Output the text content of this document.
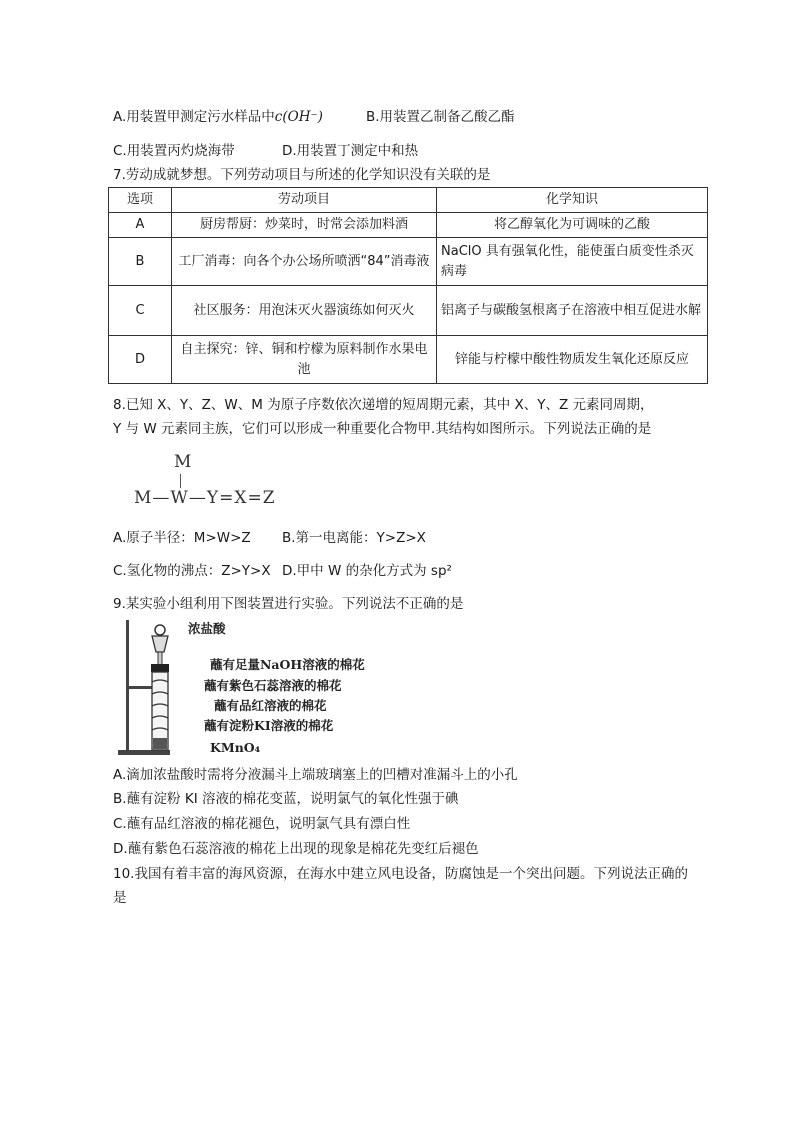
A.用装置甲测定污水样品中c(OH⁻)	B.用装置乙制备乙酸乙酯
C.用装置丙灼烧海带	D.用装置丁测定中和热
7.劳动成就梦想。下列劳动项目与所述的化学知识没有关联的是
选项	劳动项目	化学知识
A	厨房帮厨：炒菜时，时常会添加料酒	将乙醇氧化为可调味的乙酸
B	工厂消毒：向各个办公场所喷洒“84”消毒液	NaClO 具有强氧化性，能使蛋白质变性杀灭病毒
C	社区服务：用泡沫灭火器演练如何灭火	铝离子与碳酸氢根离子在溶液中相互促进水解
D	自主探究：锌、铜和柠檬为原料制作水果电池	锌能与柠檬中酸性物质发生氧化还原反应
8.已知 X、Y、Z、W、M 为原子序数依次递增的短周期元素，其中 X、Y、Z 元素同周期，
Y 与 W 元素同主族，它们可以形成一种重要化合物甲.其结构如图所示。下列说法正确的是
M
M—W—Y=X=Z
A.原子半径：M>W>Z B.第一电离能：Y>Z>X
C.氢化物的沸点：Z>Y>X D.甲中 W 的杂化方式为 sp²
9.某实验小组利用下图装置进行实验。下列说法不正确的是
浓盐酸
蘸有足量NaOH溶液的棉花
蘸有紫色石蕊溶液的棉花
蘸有品红溶液的棉花
蘸有淀粉KI溶液的棉花
KMnO₄
A.滴加浓盐酸时需将分液漏斗上端玻璃塞上的凹槽对准漏斗上的小孔
B.蘸有淀粉 KI 溶液的棉花变蓝，说明氯气的氧化性强于碘
C.蘸有品红溶液的棉花褪色，说明氯气具有漂白性
D.蘸有紫色石蕊溶液的棉花上出现的现象是棉花先变红后褪色
10.我国有着丰富的海风资源，在海水中建立风电设备，防腐蚀是一个突出问题。下列说法正确的
是
